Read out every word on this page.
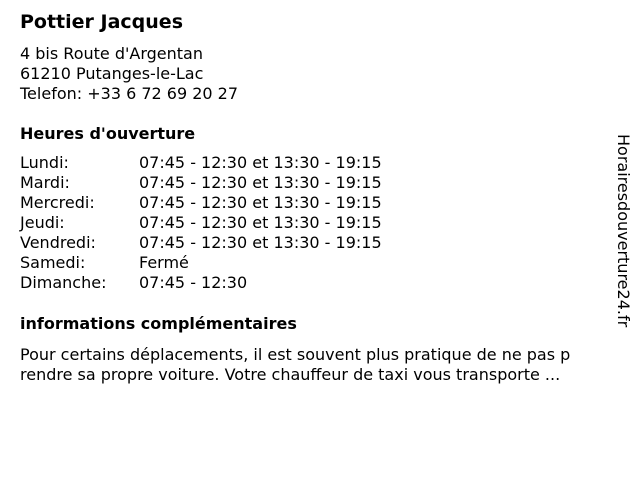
Pottier Jacques
4 bis Route d'Argentan
61210 Putanges-le-Lac
Telefon: +33 6 72 69 20 27
Heures d'ouverture
Lundi:	07:45 - 12:30 et 13:30 - 19:15
Mardi:	07:45 - 12:30 et 13:30 - 19:15
Mercredi:	07:45 - 12:30 et 13:30 - 19:15
Jeudi:	07:45 - 12:30 et 13:30 - 19:15
Vendredi:	07:45 - 12:30 et 13:30 - 19:15
Samedi:	Fermé
Dimanche: 07:45 - 12:30
informations complémentaires
Pour certains déplacements, il est souvent plus pratique de ne pas p
rendre sa propre voiture. Votre chauffeur de taxi vous transporte ...
Horairesdouverture24.fr
